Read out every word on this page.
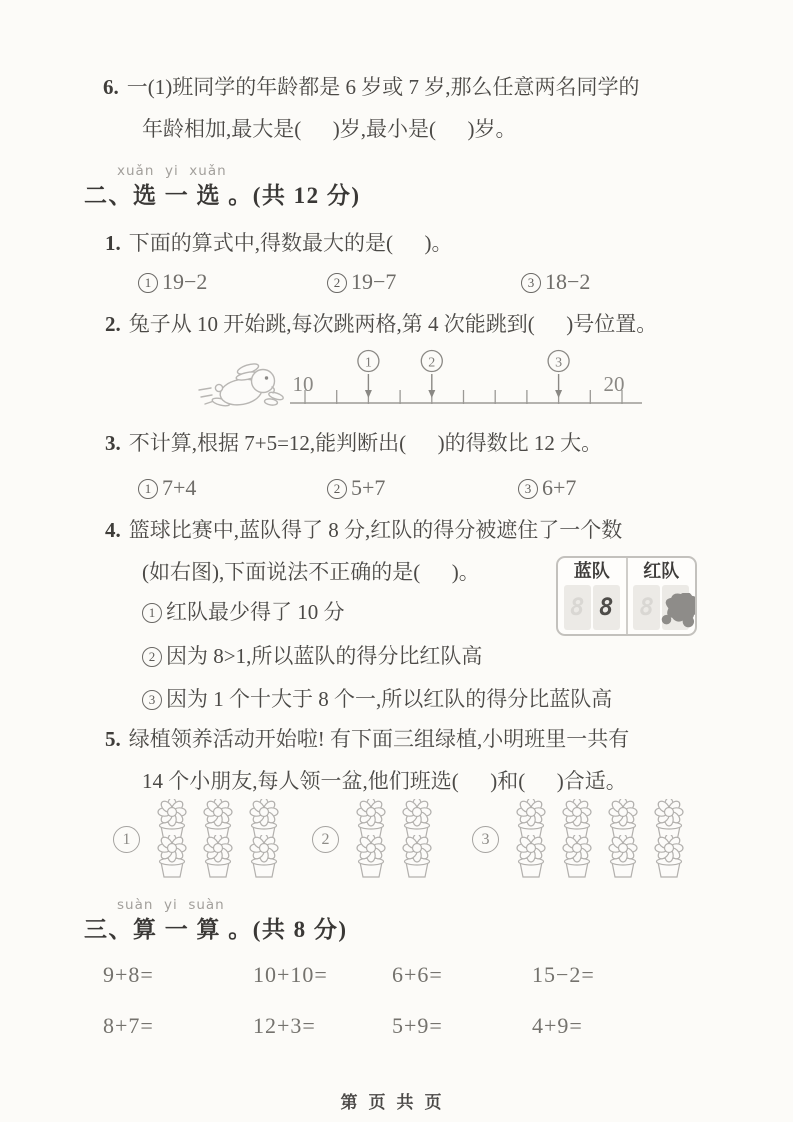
6. 一(1)班同学的年龄都是 6 岁或 7 岁,那么任意两名同学的
年龄相加,最大是(      )岁,最小是(      )岁。
xuǎn  yi  xuǎn
二、选 一 选 。(共 12 分)
1. 下面的算式中,得数最大的是(      )。
1 19−2	2 19−7	3 18−2
2. 兔子从 10 开始跳,每次跳两格,第 4 次能跳到(      )号位置。
10	20
1	2	3
3. 不计算,根据 7+5=12,能判断出(      )的得数比 12 大。
1 7+4	2 5+7	3 6+7
4. 篮球比赛中,蓝队得了 8 分,红队的得分被遮住了一个数
(如右图),下面说法不正确的是(      )。	蓝队
8 8
红队
8
1 红队最少得了 10 分
2 因为 8>1,所以蓝队的得分比红队高
3 因为 1 个十大于 8 个一,所以红队的得分比蓝队高
5. 绿植领养活动开始啦! 有下面三组绿植,小明班里一共有
14 个小朋友,每人领一盆,他们班选(      )和(      )合适。
1	2	3
suàn  yi  suàn
三、算 一 算 。(共 8 分)
9+8=	10+10=	6+6=	15−2=
8+7=	12+3=	5+9=	4+9=
第页共页
